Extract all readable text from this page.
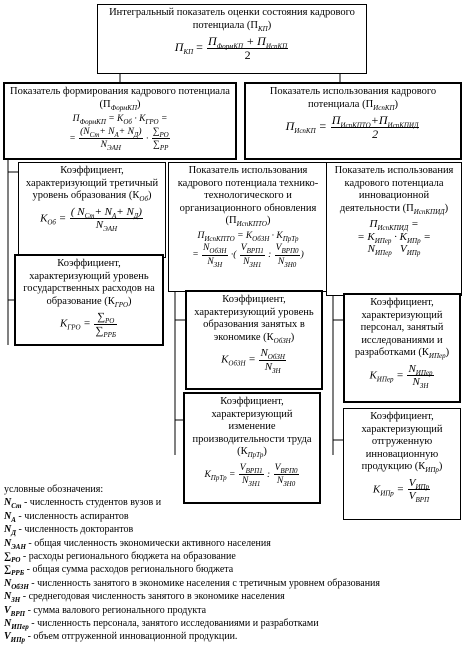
Интегральный показатель оценки состояния кадрового потенциала $(П_{КП})$
$П_{КП} = \frac{П_{ФормКП} + П_{ИспКП}}{2}$
Показатель формирования кадрового потенциала $(П_{ФормКП})$
$П_{ФормКП} = К_{Об} \cdot К_{ГРО}$ =
= $\frac{(N_{Ст}+ N_А+ N_Д)}{N_{ЭАН}} \cdot \frac{\sum_{РО}}{\sum_{РР}}$
Показатель использования кадрового потенциала $(П_{ИспКП})$
$П_{ИспКП} = \frac{П_{ИспКПТО}+П_{ИспКПИД}}{2}$
Коэффициент, характеризующий третичный уровень образования $(К_{Об})$
$К_{Об} = \frac{( N_{Ст}+ N_А+ N_Д)}{N_{ЭАН}}$
Показатель использования кадрового потенциала технико-технологического и организационного обновления $(П_{ИспКПТО})$
$П_{ИспКПТО} = К_{ОбЗН} \cdot К_{ПрТр}$
= $\frac{N_{ОбЗН}}{N_{ЗН}}$ ·( $\frac{V_{ВРП1}}{N_{ЗН1}}$ : $\frac{V_{ВРП0}}{N_{ЗН0}}$ )
Показатель использования кадрового потенциала инновационной деятельности $(П_{ИспКПИД})$
$П_{ИспКПИД}$ =
= $К_{ИПер} \cdot К_{ИПр}$ =
$N_{ИПер}$ $V_{ИПр}$
Коэффициент, характеризующий уровень государственных расходов на образование $(К_{ГРО})$
$К_{ГРО} = \frac{\sum_{РО}}{\sum_{РРБ}}$
Коэффициент, характеризующий уровень образования занятых в экономике $(К_{ОбЗН})$
$К_{ОбЗН} = \frac{N_{ОбЗН}}{N_{ЗН}}$
Коэффициент, характеризующий персонал, занятый исследованиями и разработками $(К_{ИПер})$
$К_{ИПер} = \frac{N_{ИПер}}{N_{ЗН}}$
Коэффициент, характеризующий изменение производительности труда $(К_{ПрТр})$
$К_{ПрТр} = \frac{V_{ВРП1}}{N_{ЗН1}}$ : $\frac{V_{ВРП0}}{N_{ЗН0}}$
Коэффициент, характеризующий отгруженную инновационную продукцию $(К_{ИПр})$
$К_{ИПр} = \frac{V_{ИПр}}{V_{ВРП}}$
условные обозначения:
$N_{Ст}$ - численность студентов вузов и
$N_А$ - численность аспирантов
$N_Д$ - численность докторантов
$N_{ЭАН}$ - общая численность экономически активного населения
$\sum_{РО}$ - расходы регионального бюджета на образование
$\sum_{РРБ}$ - общая сумма расходов регионального бюджета
$N_{ОбЗН}$ - численность занятого в экономике населения с третичным уровнем образования
$N_{ЗН}$ - среднегодовая численность занятого в экономике населения
$V_{ВРП}$ - сумма валового регионального продукта
$N_{ИПер}$ - численность персонала, занятого исследованиями и разработками
$V_{ИПр}$ - объем отгруженной инновационной продукции.
